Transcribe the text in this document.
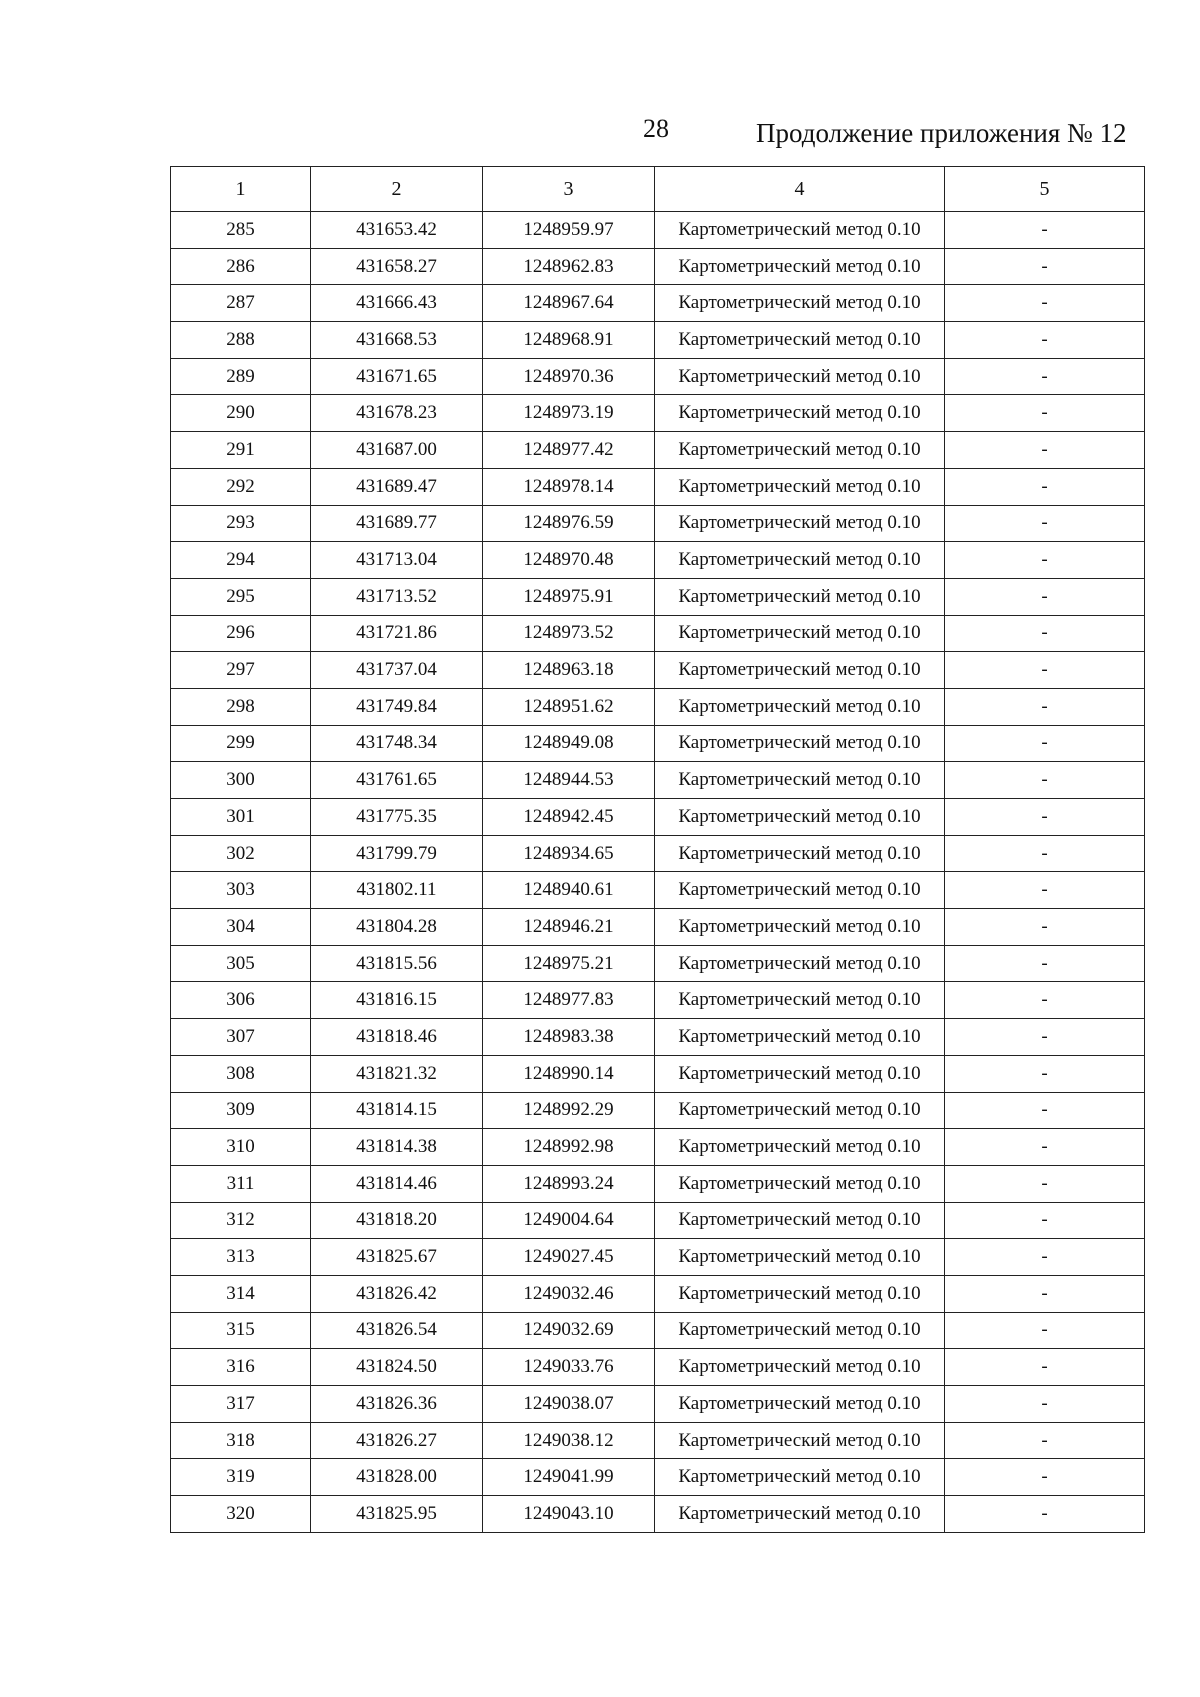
28	Продолжение приложения № 12
1	2	3	4	5
285	431653.42	1248959.97	Картометрический метод 0.10	-
286	431658.27	1248962.83	Картометрический метод 0.10	-
287	431666.43	1248967.64	Картометрический метод 0.10	-
288	431668.53	1248968.91	Картометрический метод 0.10	-
289	431671.65	1248970.36	Картометрический метод 0.10	-
290	431678.23	1248973.19	Картометрический метод 0.10	-
291	431687.00	1248977.42	Картометрический метод 0.10	-
292	431689.47	1248978.14	Картометрический метод 0.10	-
293	431689.77	1248976.59	Картометрический метод 0.10	-
294	431713.04	1248970.48	Картометрический метод 0.10	-
295	431713.52	1248975.91	Картометрический метод 0.10	-
296	431721.86	1248973.52	Картометрический метод 0.10	-
297	431737.04	1248963.18	Картометрический метод 0.10	-
298	431749.84	1248951.62	Картометрический метод 0.10	-
299	431748.34	1248949.08	Картометрический метод 0.10	-
300	431761.65	1248944.53	Картометрический метод 0.10	-
301	431775.35	1248942.45	Картометрический метод 0.10	-
302	431799.79	1248934.65	Картометрический метод 0.10	-
303	431802.11	1248940.61	Картометрический метод 0.10	-
304	431804.28	1248946.21	Картометрический метод 0.10	-
305	431815.56	1248975.21	Картометрический метод 0.10	-
306	431816.15	1248977.83	Картометрический метод 0.10	-
307	431818.46	1248983.38	Картометрический метод 0.10	-
308	431821.32	1248990.14	Картометрический метод 0.10	-
309	431814.15	1248992.29	Картометрический метод 0.10	-
310	431814.38	1248992.98	Картометрический метод 0.10	-
311	431814.46	1248993.24	Картометрический метод 0.10	-
312	431818.20	1249004.64	Картометрический метод 0.10	-
313	431825.67	1249027.45	Картометрический метод 0.10	-
314	431826.42	1249032.46	Картометрический метод 0.10	-
315	431826.54	1249032.69	Картометрический метод 0.10	-
316	431824.50	1249033.76	Картометрический метод 0.10	-
317	431826.36	1249038.07	Картометрический метод 0.10	-
318	431826.27	1249038.12	Картометрический метод 0.10	-
319	431828.00	1249041.99	Картометрический метод 0.10	-
320	431825.95	1249043.10	Картометрический метод 0.10	-
